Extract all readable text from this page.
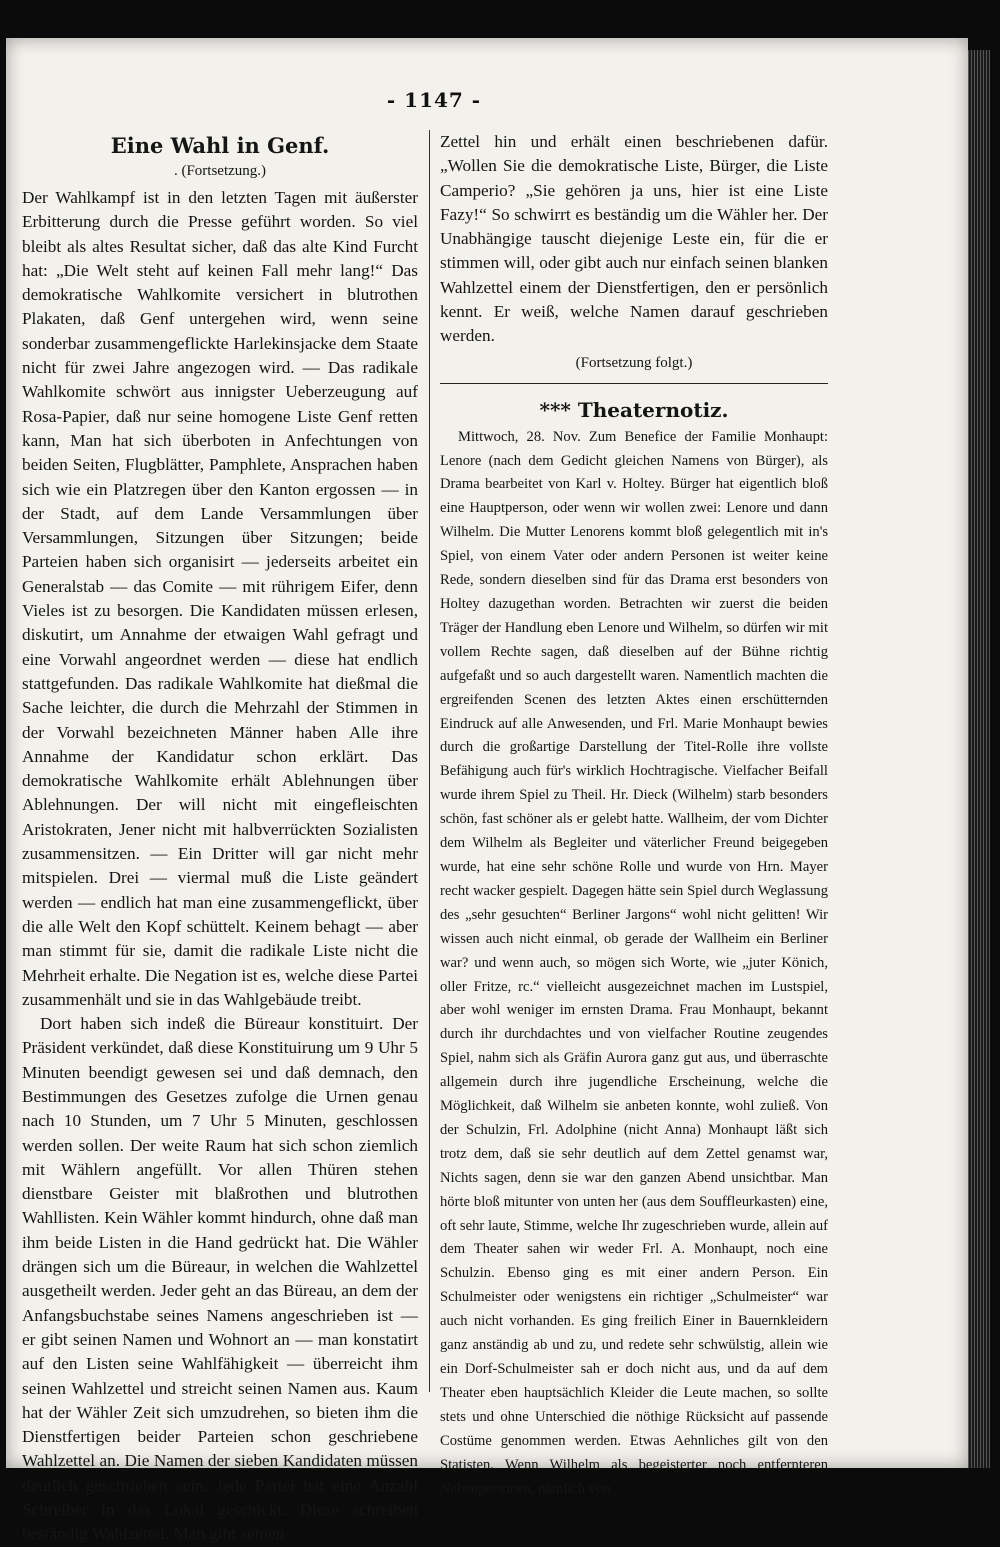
- 1147 -
Eine Wahl in Genf.
. (Fortsetzung.)

Der Wahlkampf ist in den letzten Tagen mit äußerster Erbitterung durch die Presse geführt worden. So viel bleibt als altes Resultat sicher, daß das alte Kind Furcht hat: „Die Welt steht auf keinen Fall mehr lang!“ Das demokratische Wahlkomite versichert in blutrothen Plakaten, daß Genf untergehen wird, wenn seine sonderbar zusammengeflickte Harlekinsjacke dem Staate nicht für zwei Jahre angezogen wird. — Das radikale Wahlkomite schwört aus innigster Ueberzeugung auf Rosa-Papier, daß nur seine homogene Liste Genf retten kann, Man hat sich überboten in Anfechtungen von beiden Seiten, Flugblätter, Pamphlete, Ansprachen haben sich wie ein Platzregen über den Kanton ergossen — in der Stadt, auf dem Lande Versammlungen über Versammlungen, Sitzungen über Sitzungen; beide Parteien haben sich organisirt — jederseits arbeitet ein Generalstab — das Comite — mit rührigem Eifer, denn Vieles ist zu besorgen. Die Kandidaten müssen erlesen, diskutirt, um Annahme der etwaigen Wahl gefragt und eine Vorwahl angeordnet werden — diese hat endlich stattgefunden. Das radikale Wahlkomite hat dießmal die Sache leichter, die durch die Mehrzahl der Stimmen in der Vorwahl bezeichneten Männer haben Alle ihre Annahme der Kandidatur schon erklärt. Das demokratische Wahlkomite erhält Ablehnungen über Ablehnungen. Der will nicht mit eingefleischten Aristokraten, Jener nicht mit halbverrückten Sozialisten zusammensitzen. — Ein Dritter will gar nicht mehr mitspielen. Drei — viermal muß die Liste geändert werden — endlich hat man eine zusammengeflickt, über die alle Welt den Kopf schüttelt. Keinem behagt — aber man stimmt für sie, damit die radikale Liste nicht die Mehrheit erhalte. Die Negation ist es, welche diese Partei zusammenhält und sie in das Wahlgebäude treibt.

Dort haben sich indeß die Büreaur konstituirt. Der Präsident verkündet, daß diese Konstituirung um 9 Uhr 5 Minuten beendigt gewesen sei und daß demnach, den Bestimmungen des Gesetzes zufolge die Urnen genau nach 10 Stunden, um 7 Uhr 5 Minuten, geschlossen werden sollen. Der weite Raum hat sich schon ziemlich mit Wählern angefüllt. Vor allen Thüren stehen dienstbare Geister mit blaßrothen und blutrothen Wahllisten. Kein Wähler kommt hindurch, ohne daß man ihm beide Listen in die Hand gedrückt hat. Die Wähler drängen sich um die Büreaur, in welchen die Wahlzettel ausgetheilt werden. Jeder geht an das Büreau, an dem der Anfangsbuchstabe seines Namens angeschrieben ist — er gibt seinen Namen und Wohnort an — man konstatirt auf den Listen seine Wahlfähigkeit — überreicht ihm seinen Wahlzettel und streicht seinen Namen aus. Kaum hat der Wähler Zeit sich umzudrehen, so bieten ihm die Dienstfertigen beider Parteien schon geschriebene Wahlzettel an. Die Namen der sieben Kandidaten müssen deutlich geschrieben sein. Jede Partei hat eine Anzahl Schreiber in das Lokal geschickt. Diese schreiben beständig Wahlzettel. Man gibt seinen

Zettel hin und erhält einen beschriebenen dafür. „Wollen Sie die demokratische Liste, Bürger, die Liste Camperio? „Sie gehören ja uns, hier ist eine Liste Fazy!“ So schwirrt es beständig um die Wähler her. Der Unabhängige tauscht diejenige Leste ein, für die er stimmen will, oder gibt auch nur einfach seinen blanken Wahlzettel einem der Dienstfertigen, den er persönlich kennt. Er weiß, welche Namen darauf geschrieben werden.

(Fortsetzung folgt.)
*** Theaternotiz.

Mittwoch, 28. Nov. Zum Benefice der Familie Monhaupt: Lenore (nach dem Gedicht gleichen Namens von Bürger), als Drama bearbeitet von Karl v. Holtey. Bürger hat eigentlich bloß eine Hauptperson, oder wenn wir wollen zwei: Lenore und dann Wilhelm. Die Mutter Lenorens kommt bloß gelegentlich mit in's Spiel, von einem Vater oder andern Personen ist weiter keine Rede, sondern dieselben sind für das Drama erst besonders von Holtey dazugethan worden. Betrachten wir zuerst die beiden Träger der Handlung eben Lenore und Wilhelm, so dürfen wir mit vollem Rechte sagen, daß dieselben auf der Bühne richtig aufgefaßt und so auch dargestellt waren. Namentlich machten die ergreifenden Scenen des letzten Aktes einen erschütternden Eindruck auf alle Anwesenden, und Frl. Marie Monhaupt bewies durch die großartige Darstellung der Titel-Rolle ihre vollste Befähigung auch für's wirklich Hochtragische. Vielfacher Beifall wurde ihrem Spiel zu Theil. Hr. Dieck (Wilhelm) starb besonders schön, fast schöner als er gelebt hatte. Wallheim, der vom Dichter dem Wilhelm als Begleiter und väterlicher Freund beigegeben wurde, hat eine sehr schöne Rolle und wurde von Hrn. Mayer recht wacker gespielt. Dagegen hätte sein Spiel durch Weglassung des „sehr gesuchten“ Berliner Jargons“ wohl nicht gelitten! Wir wissen auch nicht einmal, ob gerade der Wallheim ein Berliner war? und wenn auch, so mögen sich Worte, wie „juter Könich, oller Fritze, rc.“ vielleicht ausgezeichnet machen im Lustspiel, aber wohl weniger im ernsten Drama. Frau Monhaupt, bekannt durch ihr durchdachtes und von vielfacher Routine zeugendes Spiel, nahm sich als Gräfin Aurora ganz gut aus, und überraschte allgemein durch ihre jugendliche Erscheinung, welche die Möglichkeit, daß Wilhelm sie anbeten konnte, wohl zuließ. Von der Schulzin, Frl. Adolphine (nicht Anna) Monhaupt läßt sich trotz dem, daß sie sehr deutlich auf dem Zettel genamst war, Nichts sagen, denn sie war den ganzen Abend unsichtbar. Man hörte bloß mitunter von unten her (aus dem Souffleurkasten) eine, oft sehr laute, Stimme, welche Ihr zugeschrieben wurde, allein auf dem Theater sahen wir weder Frl. A. Monhaupt, noch eine Schulzin. Ebenso ging es mit einer andern Person. Ein Schulmeister oder wenigstens ein richtiger „Schulmeister“ war auch nicht vorhanden. Es ging freilich Einer in Bauernkleidern ganz anständig ab und zu, und redete sehr schwülstig, allein wie ein Dorf-Schulmeister sah er doch nicht aus, und da auf dem Theater eben hauptsächlich Kleider die Leute machen, so sollte stets und ohne Unterschied die nöthige Rücksicht auf passende Costüme genommen werden. Etwas Aehnliches gilt von den Statisten. Wenn Wilhelm als begeisterter noch entfernteren Nebenpersonen, nämlich von
